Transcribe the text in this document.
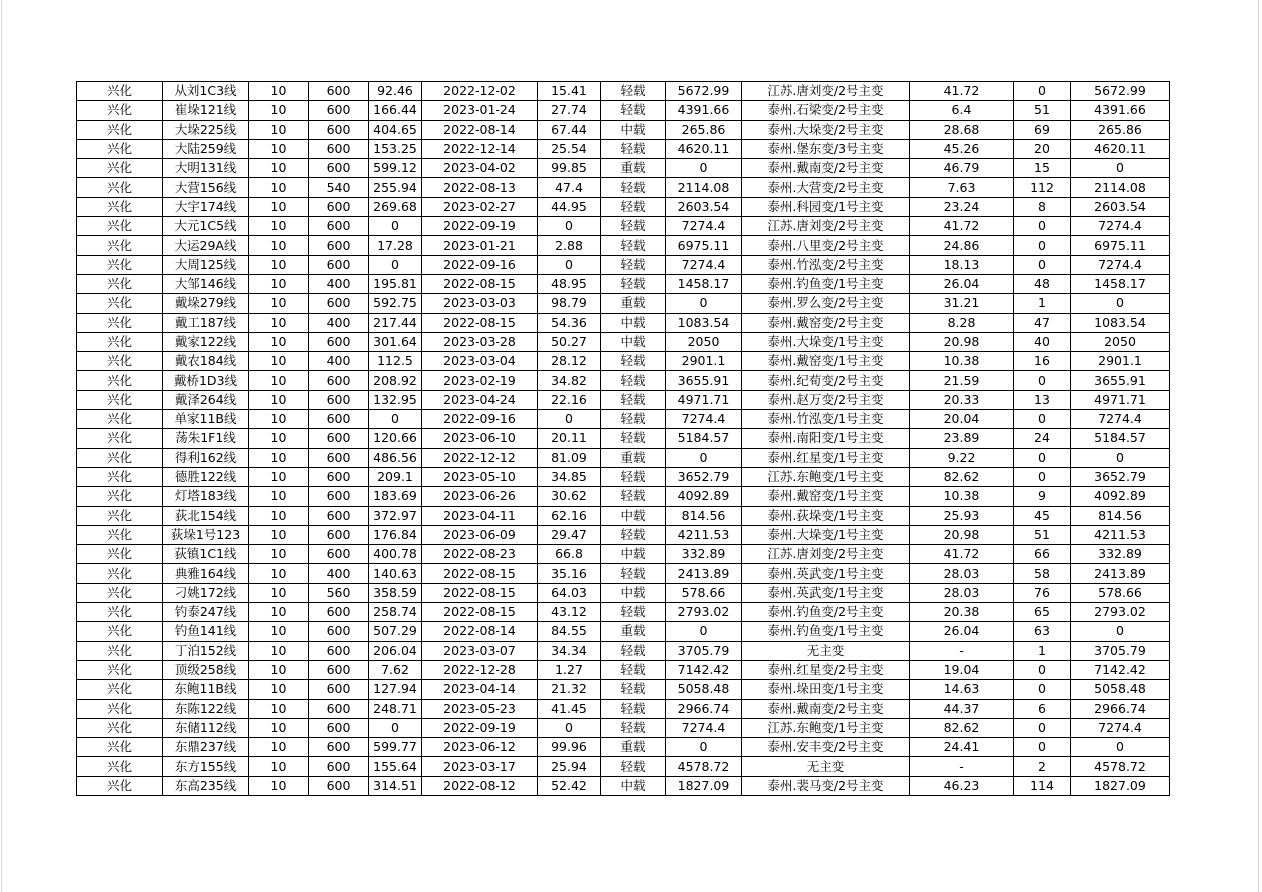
兴化	从刘1C3线	10	600	92.46	2022-12-02	15.41	轻载	5672.99	江苏.唐刘变/2号主变	41.72	0	5672.99
兴化	崔垛121线	10	600	166.44	2023-01-24	27.74	轻载	4391.66	泰州.石梁变/2号主变	6.4	51	4391.66
兴化	大垛225线	10	600	404.65	2022-08-14	67.44	中载	265.86	泰州.大垛变/2号主变	28.68	69	265.86
兴化	大陆259线	10	600	153.25	2022-12-14	25.54	轻载	4620.11	泰州.堡东变/3号主变	45.26	20	4620.11
兴化	大明131线	10	600	599.12	2023-04-02	99.85	重载	0	泰州.戴南变/2号主变	46.79	15	0
兴化	大营156线	10	540	255.94	2022-08-13	47.4	轻载	2114.08	泰州.大营变/2号主变	7.63	112	2114.08
兴化	大宇174线	10	600	269.68	2023-02-27	44.95	轻载	2603.54	泰州.科园变/1号主变	23.24	8	2603.54
兴化	大元1C5线	10	600	0	2022-09-19	0	轻载	7274.4	江苏.唐刘变/2号主变	41.72	0	7274.4
兴化	大运29A线	10	600	17.28	2023-01-21	2.88	轻载	6975.11	泰州.八里变/2号主变	24.86	0	6975.11
兴化	大周125线	10	600	0	2022-09-16	0	轻载	7274.4	泰州.竹泓变/2号主变	18.13	0	7274.4
兴化	大邹146线	10	400	195.81	2022-08-15	48.95	轻载	1458.17	泰州.钓鱼变/1号主变	26.04	48	1458.17
兴化	戴垛279线	10	600	592.75	2023-03-03	98.79	重载	0	泰州.罗么变/2号主变	31.21	1	0
兴化	戴工187线	10	400	217.44	2022-08-15	54.36	中载	1083.54	泰州.戴窑变/2号主变	8.28	47	1083.54
兴化	戴家122线	10	600	301.64	2023-03-28	50.27	中载	2050	泰州.大垛变/1号主变	20.98	40	2050
兴化	戴农184线	10	400	112.5	2023-03-04	28.12	轻载	2901.1	泰州.戴窑变/1号主变	10.38	16	2901.1
兴化	戴桥1D3线	10	600	208.92	2023-02-19	34.82	轻载	3655.91	泰州.纪荀变/2号主变	21.59	0	3655.91
兴化	戴泽264线	10	600	132.95	2023-04-24	22.16	轻载	4971.71	泰州.赵万变/2号主变	20.33	13	4971.71
兴化	单家11B线	10	600	0	2022-09-16	0	轻载	7274.4	泰州.竹泓变/1号主变	20.04	0	7274.4
兴化	荡朱1F1线	10	600	120.66	2023-06-10	20.11	轻载	5184.57	泰州.南阳变/1号主变	23.89	24	5184.57
兴化	得利162线	10	600	486.56	2022-12-12	81.09	重载	0	泰州.红星变/1号主变	9.22	0	0
兴化	德胜122线	10	600	209.1	2023-05-10	34.85	轻载	3652.79	江苏.东鲍变/1号主变	82.62	0	3652.79
兴化	灯塔183线	10	600	183.69	2023-06-26	30.62	轻载	4092.89	泰州.戴窑变/1号主变	10.38	9	4092.89
兴化	荻北154线	10	600	372.97	2023-04-11	62.16	中载	814.56	泰州.荻垛变/1号主变	25.93	45	814.56
兴化	荻垛1号123	10	600	176.84	2023-06-09	29.47	轻载	4211.53	泰州.大垛变/1号主变	20.98	51	4211.53
兴化	荻镇1C1线	10	600	400.78	2022-08-23	66.8	中载	332.89	江苏.唐刘变/2号主变	41.72	66	332.89
兴化	典雅164线	10	400	140.63	2022-08-15	35.16	轻载	2413.89	泰州.英武变/1号主变	28.03	58	2413.89
兴化	刁姚172线	10	560	358.59	2022-08-15	64.03	中载	578.66	泰州.英武变/1号主变	28.03	76	578.66
兴化	钓泰247线	10	600	258.74	2022-08-15	43.12	轻载	2793.02	泰州.钓鱼变/2号主变	20.38	65	2793.02
兴化	钓鱼141线	10	600	507.29	2022-08-14	84.55	重载	0	泰州.钓鱼变/1号主变	26.04	63	0
兴化	丁泊152线	10	600	206.04	2023-03-07	34.34	轻载	3705.79	无主变	-	1	3705.79
兴化	顶级258线	10	600	7.62	2022-12-28	1.27	轻载	7142.42	泰州.红星变/2号主变	19.04	0	7142.42
兴化	东鲍11B线	10	600	127.94	2023-04-14	21.32	轻载	5058.48	泰州.垛田变/1号主变	14.63	0	5058.48
兴化	东陈122线	10	600	248.71	2023-05-23	41.45	轻载	2966.74	泰州.戴南变/2号主变	44.37	6	2966.74
兴化	东储112线	10	600	0	2022-09-19	0	轻载	7274.4	江苏.东鲍变/1号主变	82.62	0	7274.4
兴化	东鼎237线	10	600	599.77	2023-06-12	99.96	重载	0	泰州.安丰变/2号主变	24.41	0	0
兴化	东方155线	10	600	155.64	2023-03-17	25.94	轻载	4578.72	无主变	-	2	4578.72
兴化	东高235线	10	600	314.51	2022-08-12	52.42	中载	1827.09	泰州.裴马变/2号主变	46.23	114	1827.09
